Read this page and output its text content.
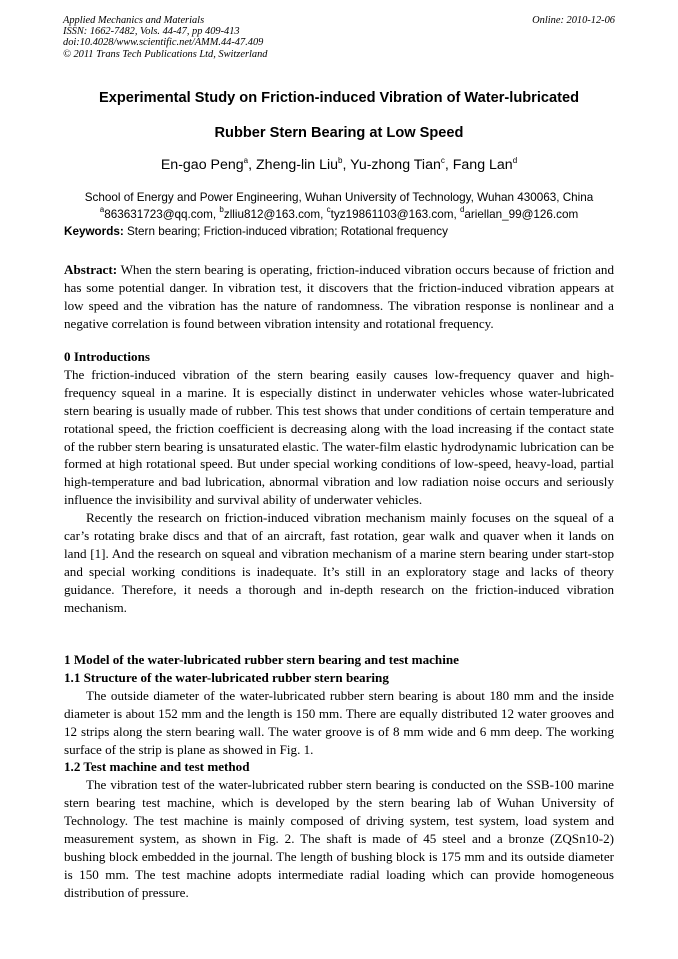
Applied Mechanics and Materials
ISSN: 1662-7482, Vols. 44-47, pp 409-413
doi:10.4028/www.scientific.net/AMM.44-47.409
© 2011 Trans Tech Publications Ltd, Switzerland
Online: 2010-12-06
Experimental Study on Friction-induced Vibration of Water-lubricated
Rubber Stern Bearing at Low Speed
En-gao Peng$^a$, Zheng-lin Liu$^b$, Yu-zhong Tian$^c$, Fang Lan$^d$
School of Energy and Power Engineering, Wuhan University of Technology, Wuhan 430063, China
$^a$863631723@qq.com, $^b$zlliu812@163.com, $^c$tyz19861103@163.com, $^d$ariellan_99@126.com
Keywords: Stern bearing; Friction-induced vibration; Rotational frequency

Abstract: When the stern bearing is operating, friction-induced vibration occurs because of friction and has some potential danger. In vibration test, it discovers that the friction-induced vibration appears at low speed and the vibration has the nature of randomness. The vibration response is nonlinear and a negative correlation is found between vibration intensity and rotational frequency.

0 Introductions

The friction-induced vibration of the stern bearing easily causes low-frequency quaver and high-frequency squeal in a marine. It is especially distinct in underwater vehicles whose water-lubricated stern bearing is usually made of rubber. This test shows that under conditions of certain temperature and rotational speed, the friction coefficient is decreasing along with the load increasing if the contact state of the rubber stern bearing is unsaturated elastic. The water-film elastic hydrodynamic lubrication can be formed at high rotational speed. But under special working conditions of low-speed, heavy-load, partial high-temperature and bad lubrication, abnormal vibration and low radiation noise occurs and seriously influence the invisibility and survival ability of underwater vehicles.

Recently the research on friction-induced vibration mechanism mainly focuses on the squeal of a car’s rotating brake discs and that of an aircraft, fast rotation, gear walk and quaver when it lands on land [1]. And the research on squeal and vibration mechanism of a marine stern bearing under start-stop and special working conditions is inadequate. It’s still in an exploratory stage and lacks of theory guidance. Therefore, it needs a thorough and in-depth research on the friction-induced vibration mechanism.

1 Model of the water-lubricated rubber stern bearing and test machine

1.1 Structure of the water-lubricated rubber stern bearing

The outside diameter of the water-lubricated rubber stern bearing is about 180 mm and the inside diameter is about 152 mm and the length is 150 mm. There are equally distributed 12 water grooves and 12 strips along the stern bearing wall. The water groove is of 8 mm wide and 6 mm deep. The working surface of the strip is plane as showed in Fig. 1.

1.2 Test machine and test method

The vibration test of the water-lubricated rubber stern bearing is conducted on the SSB-100 marine stern bearing test machine, which is developed by the stern bearing lab of Wuhan University of Technology. The test machine is mainly composed of driving system, test system, load system and measurement system, as shown in Fig. 2. The shaft is made of 45 steel and a bronze (ZQSn10-2) bushing block embedded in the journal. The length of bushing block is 175 mm and its outside diameter is 150 mm. The test machine adopts intermediate radial loading which can provide homogeneous distribution of pressure.
